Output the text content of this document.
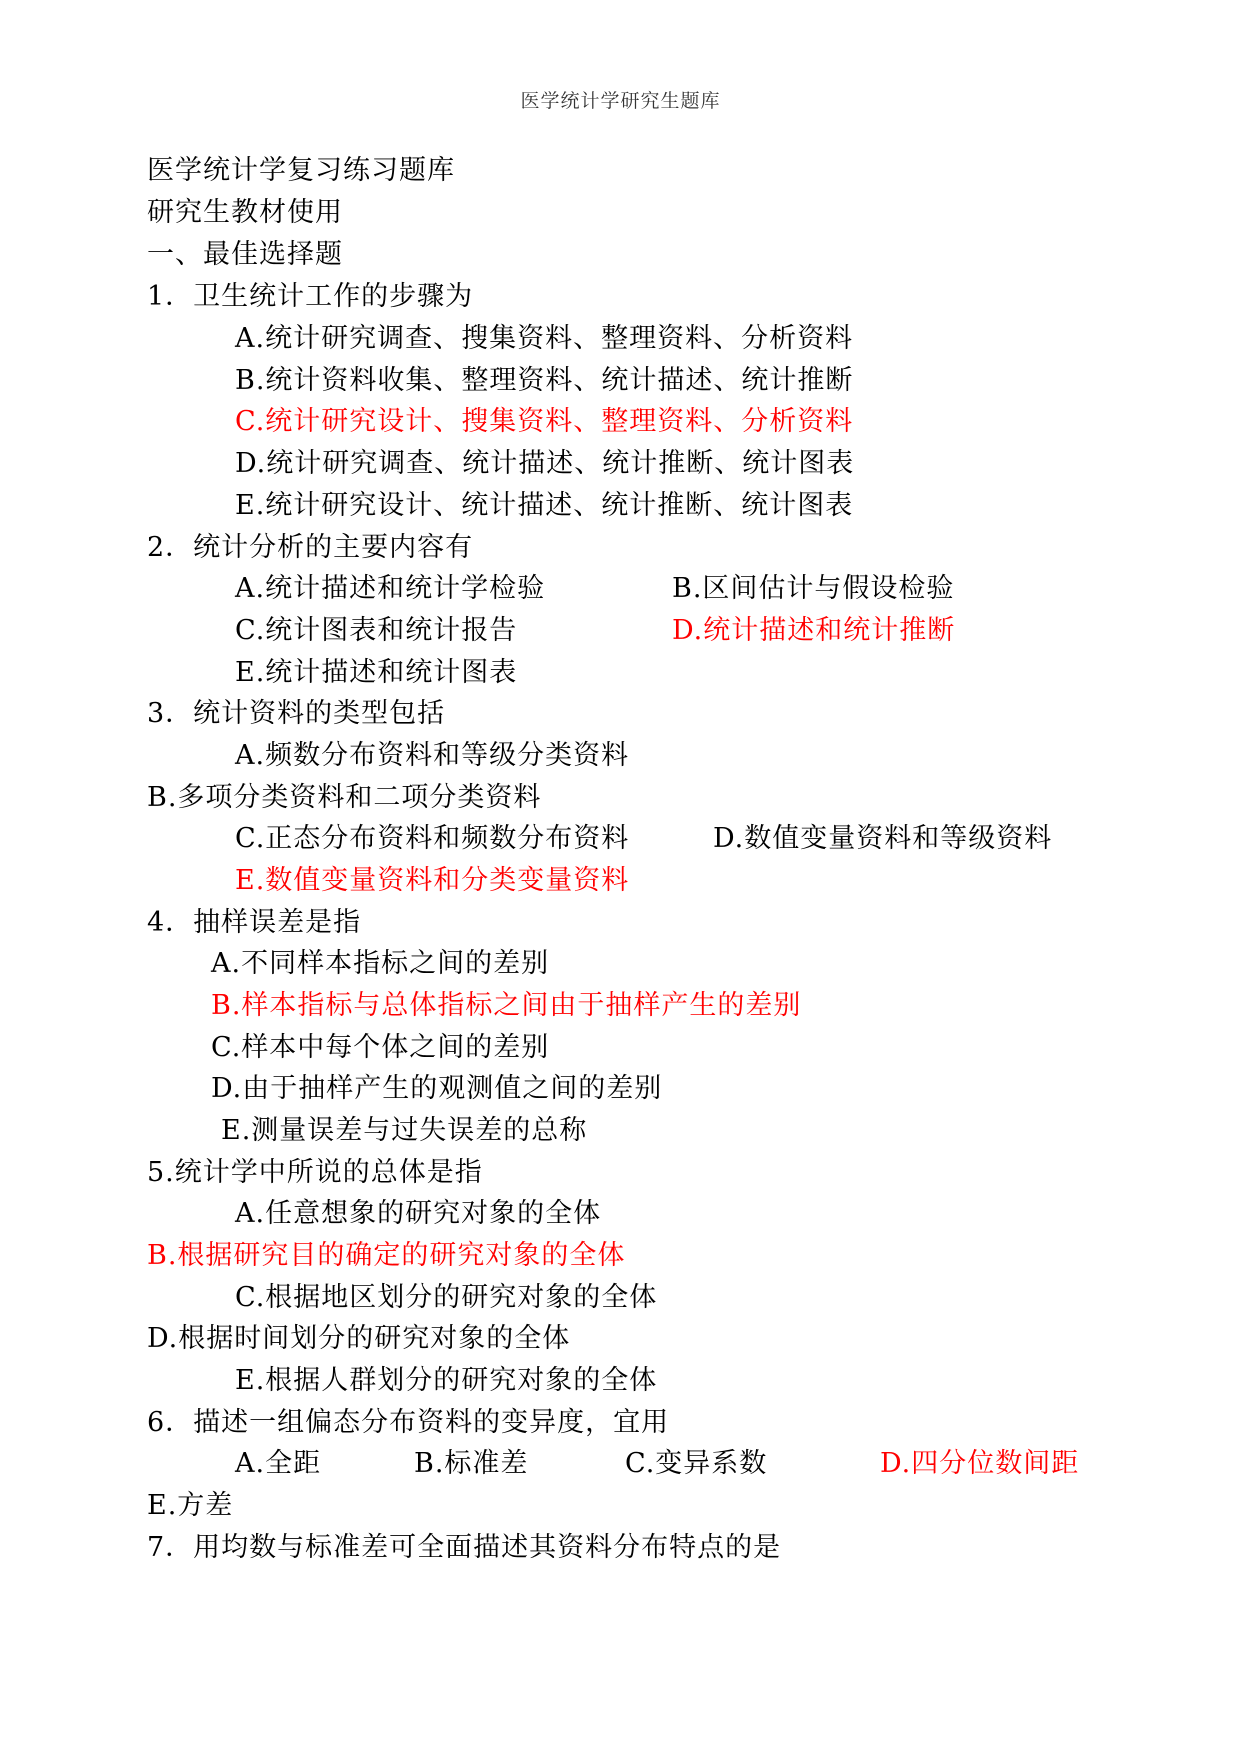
医学统计学研究生题库
医学统计学复习练习题库
研究生教材使用
一、最佳选择题
1．卫生统计工作的步骤为
A.统计研究调查、搜集资料、整理资料、分析资料
B.统计资料收集、整理资料、统计描述、统计推断
C.统计研究设计、搜集资料、整理资料、分析资料
D.统计研究调查、统计描述、统计推断、统计图表
E.统计研究设计、统计描述、统计推断、统计图表
2．统计分析的主要内容有
A.统计描述和统计学检验	B.区间估计与假设检验
C.统计图表和统计报告	D.统计描述和统计推断
E.统计描述和统计图表
3．统计资料的类型包括
A.频数分布资料和等级分类资料
B.多项分类资料和二项分类资料
C.正态分布资料和频数分布资料	D.数值变量资料和等级资料
E.数值变量资料和分类变量资料
4．抽样误差是指
A.不同样本指标之间的差别
B.样本指标与总体指标之间由于抽样产生的差别
C.样本中每个体之间的差别
D.由于抽样产生的观测值之间的差别
E.测量误差与过失误差的总称
5.统计学中所说的总体是指
A.任意想象的研究对象的全体
B.根据研究目的确定的研究对象的全体
C.根据地区划分的研究对象的全体
D.根据时间划分的研究对象的全体
E.根据人群划分的研究对象的全体
6．描述一组偏态分布资料的变异度，宜用
A.全距	B.标准差	C.变异系数	D.四分位数间距
E.方差
7．用均数与标准差可全面描述其资料分布特点的是
